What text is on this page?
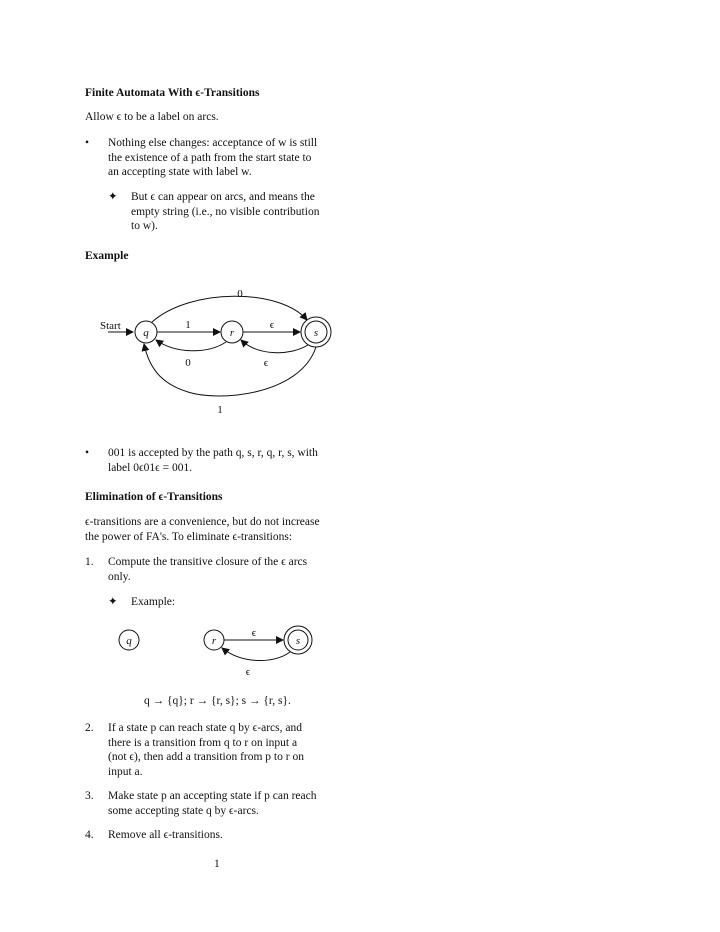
Finite Automata With ϵ-Transitions
Allow ϵ to be a label on arcs.
•	Nothing else changes: acceptance of w is still
the existence of a path from the start state to
an accepting state with label w.
✦ But ϵ can appear on arcs, and means the
empty string (i.e., no visible contribution
to w).
Example
Start
q	r	s
0
1	ϵ
0	ϵ
1
q	r	s
ϵ
ϵ
•	001 is accepted by the path q, s, r, q, r, s, with
label 0ϵ01ϵ = 001.
Elimination of ϵ-Transitions
ϵ-transitions are a convenience, but do not increase
the power of FA's. To eliminate ϵ-transitions:
1. Compute the transitive closure of the ϵ arcs
only.
✦ Example:
q → {q}; r → {r, s}; s → {r, s}.
2. If a state p can reach state q by ϵ-arcs, and
there is a transition from q to r on input a
(not ϵ), then add a transition from p to r on
input a.
3. Make state p an accepting state if p can reach
some accepting state q by ϵ-arcs.
4. Remove all ϵ-transitions.
1
